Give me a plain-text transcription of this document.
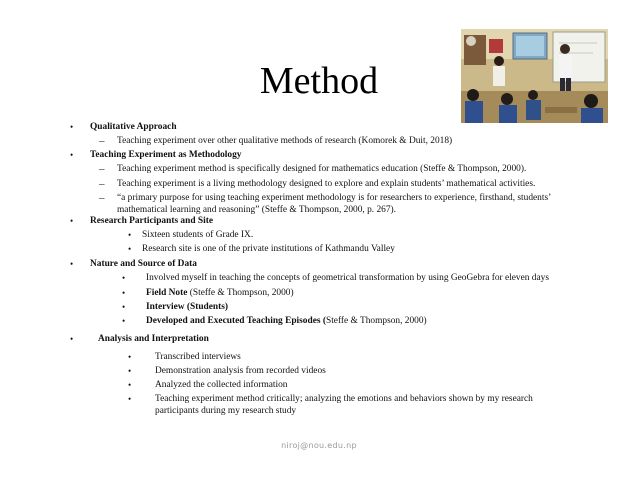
Method
• Qualitative Approach
– Teaching experiment over other qualitative methods of research (Komorek & Duit, 2018)
• Teaching Experiment as Methodology
– Teaching experiment method is specifically designed for mathematics education (Steffe & Thompson, 2000).
– Teaching experiment is a living methodology designed to explore and explain students’ mathematical activities.
– “a primary purpose for using teaching experiment methodology is for researchers to experience, firsthand, students’ mathematical learning and reasoning” (Steffe & Thompson, 2000, p. 267).
• Research Participants and Site
• Sixteen students of Grade IX.
• Research site is one of the private institutions of Kathmandu Valley
• Nature and Source of Data
• Involved myself in teaching the concepts of geometrical transformation by using GeoGebra for eleven days
• Field Note (Steffe & Thompson, 2000)
• Interview (Students)
• Developed and Executed Teaching Episodes (Steffe & Thompson, 2000)
•	Analysis and Interpretation
•	Transcribed interviews
•	Demonstration analysis from recorded videos
•	Analyzed the collected information
•	Teaching experiment method critically; analyzing the emotions and behaviors shown by my research participants during my research study
niroj@nou.edu.np
